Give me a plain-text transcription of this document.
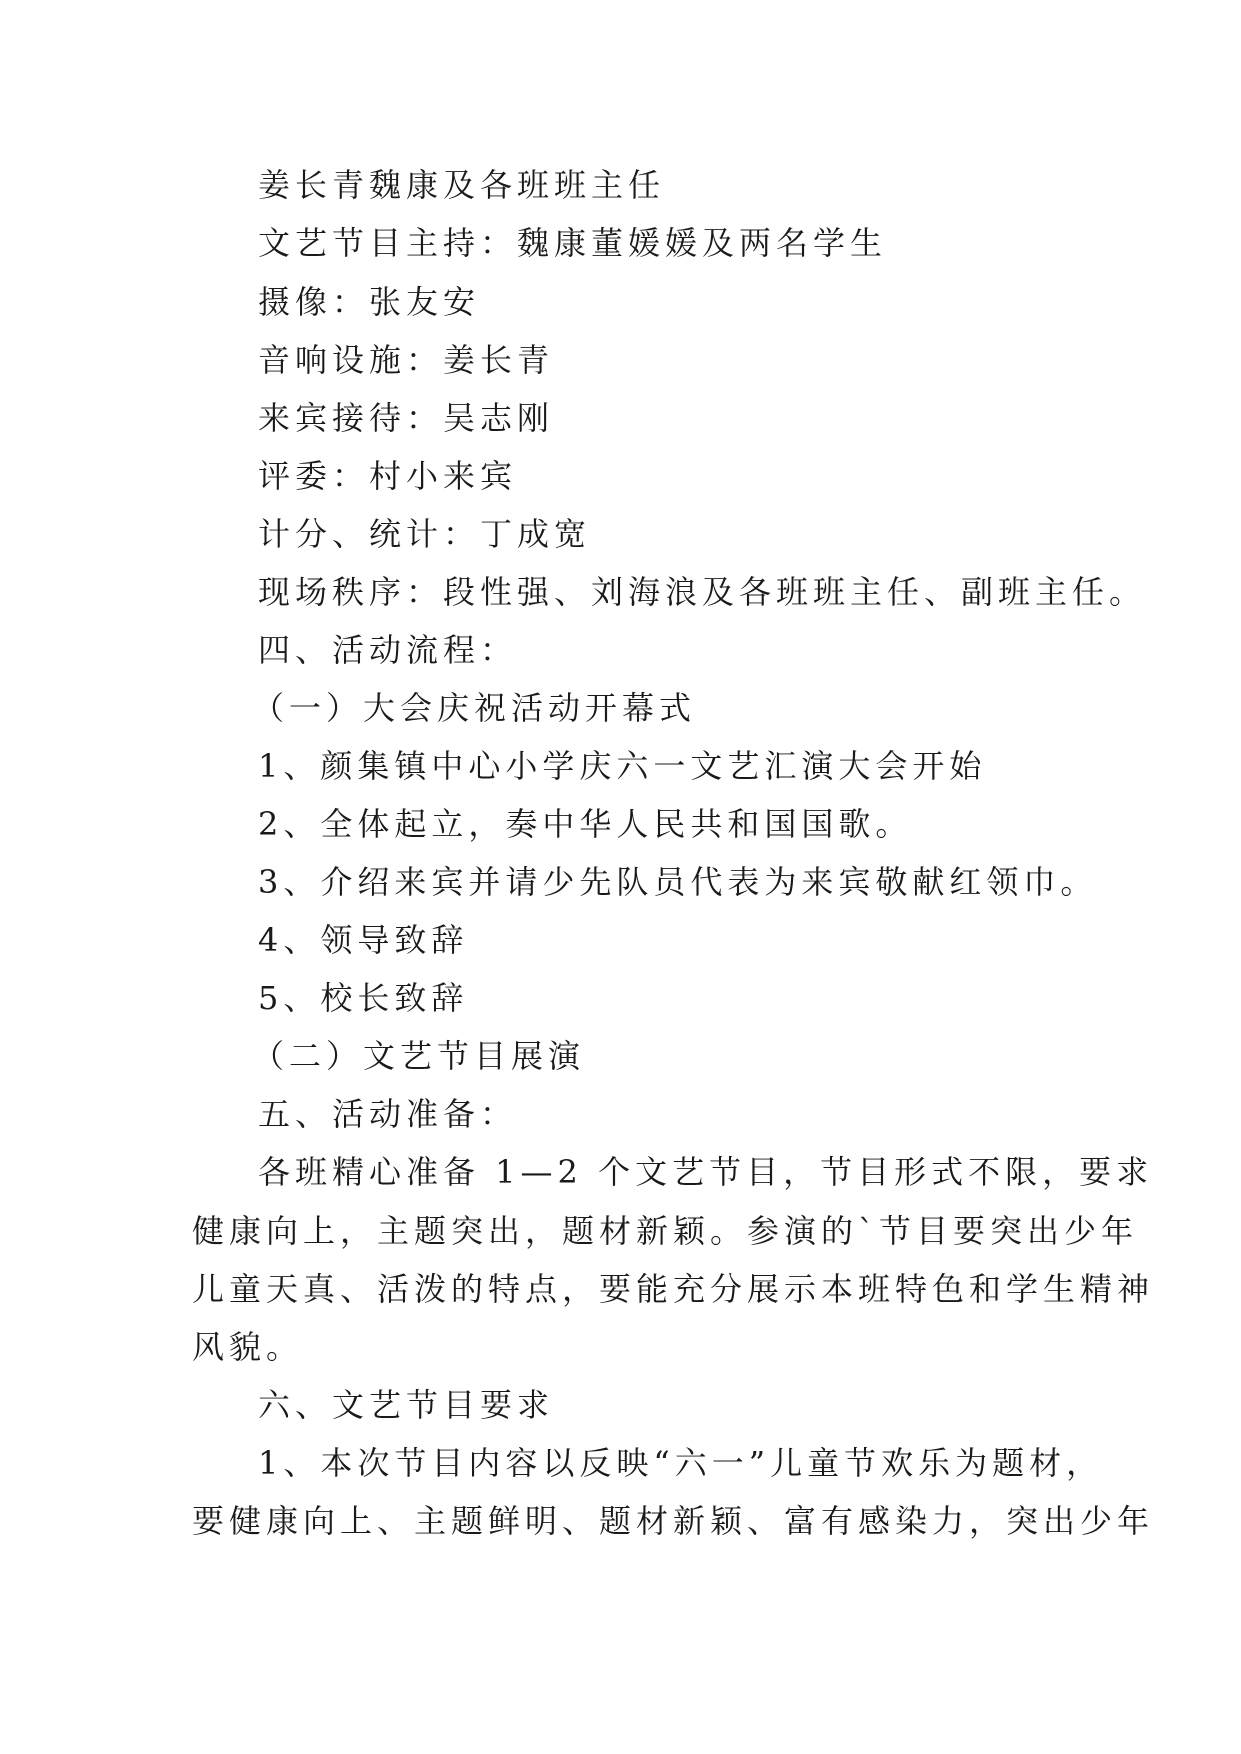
姜长青魏康及各班班主任
文艺节目主持：魏康董媛媛及两名学生
摄像：张友安
音响设施：姜长青
来宾接待：吴志刚
评委：村小来宾
计分、统计：丁成宽
现场秩序：段性强、刘海浪及各班班主任、副班主任。
四、活动流程：
（一）大会庆祝活动开幕式
1、颜集镇中心小学庆六一文艺汇演大会开始
2、全体起立，奏中华人民共和国国歌。
3、介绍来宾并请少先队员代表为来宾敬献红领巾。
4、领导致辞
5、校长致辞
（二）文艺节目展演
五、活动准备：
各班精心准备 1—2 个文艺节目，节目形式不限，要求
健康向上，主题突出，题材新颖。参演的`节目要突出少年
儿童天真、活泼的特点，要能充分展示本班特色和学生精神
风貌。
六、文艺节目要求
1、本次节目内容以反映“六一”儿童节欢乐为题材，
要健康向上、主题鲜明、题材新颖、富有感染力，突出少年
